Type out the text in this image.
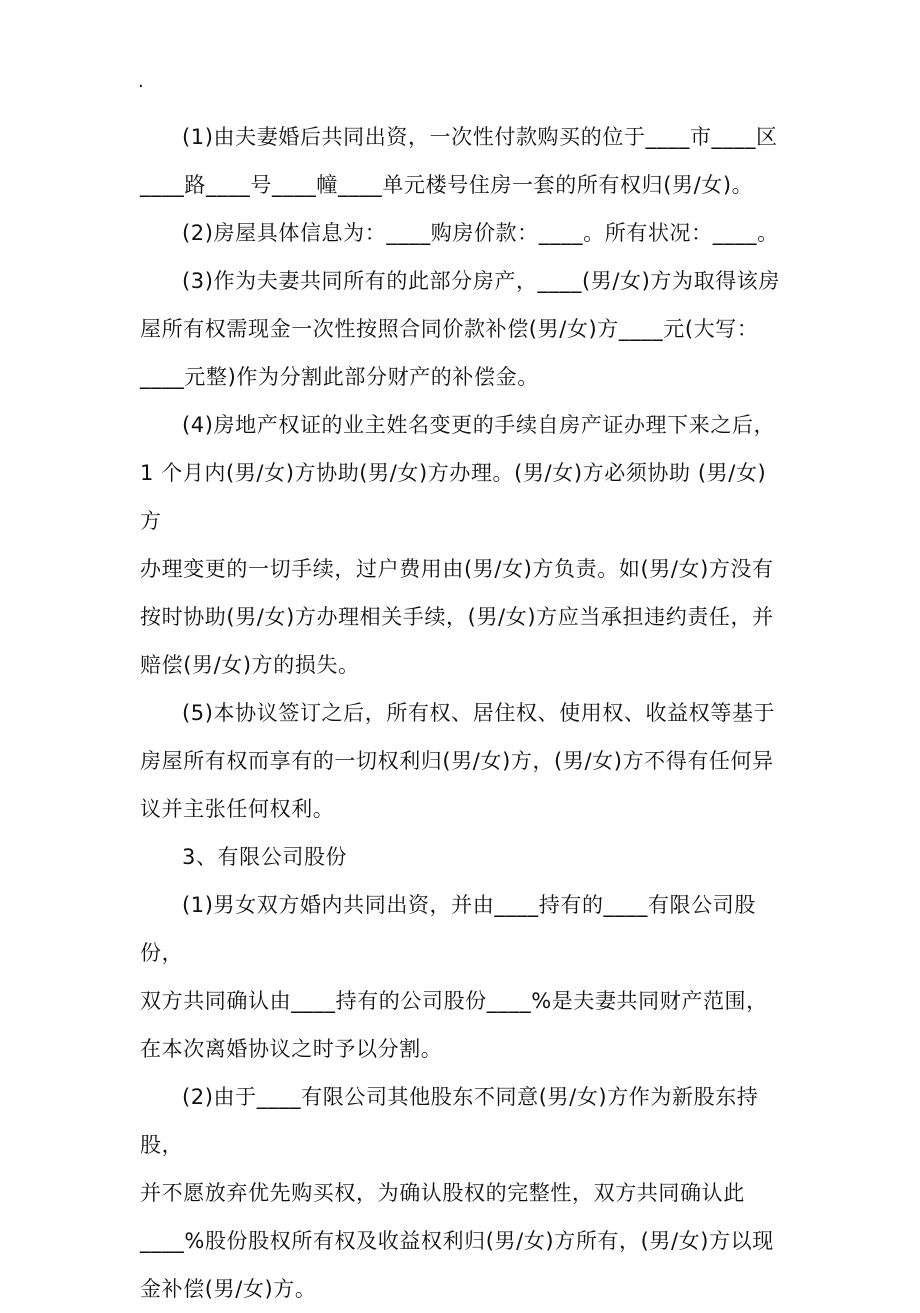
.

(1)由夫妻婚后共同出资，一次性付款购买的位于____市____区
____路____号____幢____单元楼号住房一套的所有权归(男/女)。

(2)房屋具体信息为：____购房价款：____。所有状况：____。

(3)作为夫妻共同所有的此部分房产，____(男/女)方为取得该房
屋所有权需现金一次性按照合同价款补偿(男/女)方____元(大写：
____元整)作为分割此部分财产的补偿金。

(4)房地产权证的业主姓名变更的手续自房产证办理下来之后，
1 个月内(男/女)方协助(男/女)方办理。(男/女)方必须协助 (男/女)方
办理变更的一切手续，过户费用由(男/女)方负责。如(男/女)方没有
按时协助(男/女)方办理相关手续，(男/女)方应当承担违约责任，并
赔偿(男/女)方的损失。

(5)本协议签订之后，所有权、居住权、使用权、收益权等基于
房屋所有权而享有的一切权利归(男/女)方，(男/女)方不得有任何异
议并主张任何权利。

3、有限公司股份

(1)男女双方婚内共同出资，并由____持有的____有限公司股份，
双方共同确认由____持有的公司股份____%是夫妻共同财产范围，
在本次离婚协议之时予以分割。

(2)由于____有限公司其他股东不同意(男/女)方作为新股东持股，
并不愿放弃优先购买权，为确认股权的完整性，双方共同确认此
____%股份股权所有权及收益权利归(男/女)方所有，(男/女)方以现
金补偿(男/女)方。
